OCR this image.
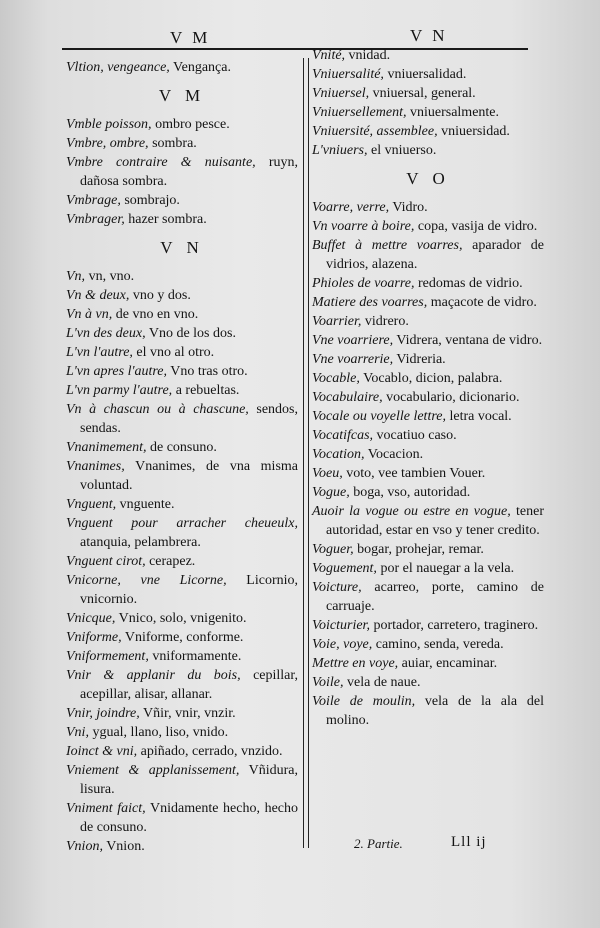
V M	V N
Vltion, vengeance, Vengança.
V M
Vmble poisson, ombro pesce.
Vmbre, ombre, sombra.
Vmbre contraire & nuisante, ruyn, dañosa sombra.
Vmbrage, sombrajo.
Vmbrager, hazer sombra.
V N
Vn, vn, vno.
Vn & deux, vno y dos.
Vn à vn, de vno en vno.
L'vn des deux, Vno de los dos.
L'vn l'autre, el vno al otro.
L'vn apres l'autre, Vno tras otro.
L'vn parmy l'autre, a rebueltas.
Vn à chascun ou à chascune, sendos, sendas.
Vnanimement, de consuno.
Vnanimes, Vnanimes, de vna misma voluntad.
Vnguent, vnguente.
Vnguent pour arracher cheueulx, atanquia, pelambrera.
Vnguent cirot, cerapez.
Vnicorne, vne Licorne, Licornio, vnicornio.
Vnicque, Vnico, solo, vnigenito.
Vniforme, Vniforme, conforme.
Vniformement, vniformamente.
Vnir & applanir du bois, cepillar, acepillar, alisar, allanar.
Vnir, joindre, Vñir, vnir, vnzir.
Vni, ygual, llano, liso, vnido.
Ioinct & vni, apiñado, cerrado, vnzido.
Vniement & applanissement, Vñidura, lisura.
Vniment faict, Vnidamente hecho, hecho de consuno.
Vnion, Vnion.
Vnité, vnidad.
Vniuersalité, vniuersalidad.
Vniuersel, vniuersal, general.
Vniuersellement, vniuersalmente.
Vniuersité, assemblee, vniuersidad.
L'vniuers, el vniuerso.
V O
Voarre, verre, Vidro.
Vn voarre à boire, copa, vasija de vidro.
Buffet à mettre voarres, aparador de vidrios, alazena.
Phioles de voarre, redomas de vidrio.
Matiere des voarres, maçacote de vidro.
Voarrier, vidrero.
Vne voarriere, Vidrera, ventana de vidro.
Vne voarrerie, Vidreria.
Vocable, Vocablo, dicion, palabra.
Vocabulaire, vocabulario, dicionario.
Vocale ou voyelle lettre, letra vocal.
Vocatifcas, vocatiuo caso.
Vocation, Vocacion.
Voeu, voto, vee tambien Vouer.
Vogue, boga, vso, autoridad.
Auoir la vogue ou estre en vogue, tener autoridad, estar en vso y tener credito.
Voguer, bogar, prohejar, remar.
Voguement, por el nauegar a la vela.
Voicture, acarreo, porte, camino de carruaje.
Voicturier, portador, carretero, traginero.
Voie, voye, camino, senda, vereda.
Mettre en voye, auiar, encaminar.
Voile, vela de naue.
Voile de moulin, vela de la ala del molino.
2. Partie.	Lll ij
